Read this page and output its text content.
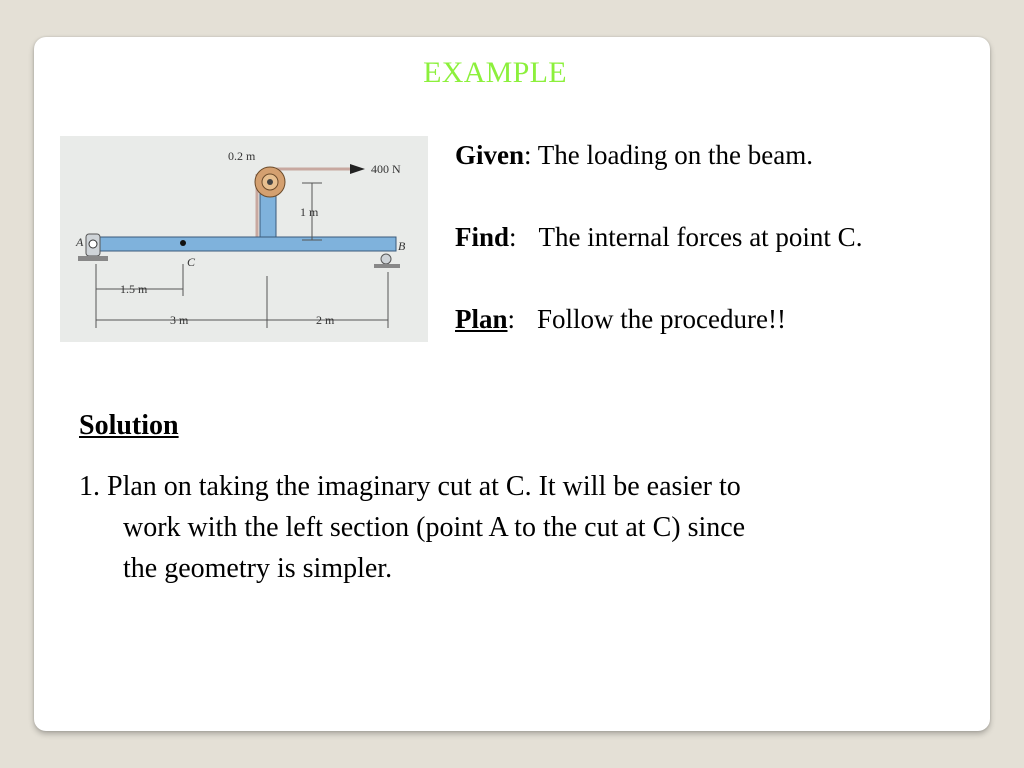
EXAMPLE
0.2 m
400 N
1 m
A	B
C
1.5 m
3 m	2 m
Given: The loading on the beam.
Find: The internal forces at point C.
Plan: Follow the procedure!!
Solution
1. Plan on taking the imaginary cut at C. It will be easier to
work with the left section (point A to the cut at C) since
the geometry is simpler.
